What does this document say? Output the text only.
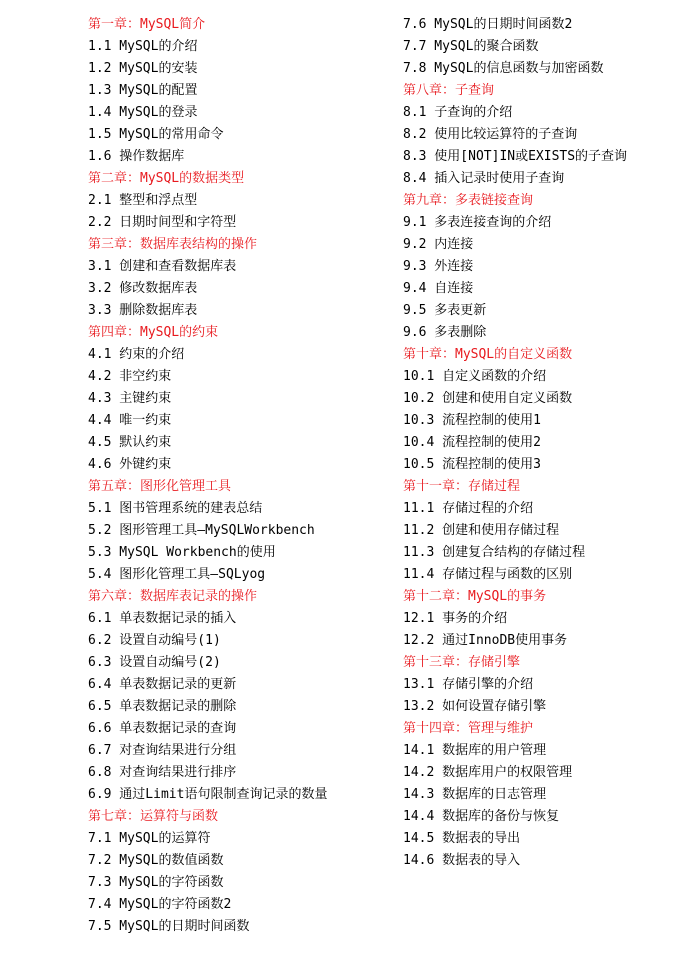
第一章：MySQL简介
1.1 MySQL的介绍
1.2 MySQL的安装
1.3 MySQL的配置
1.4 MySQL的登录
1.5 MySQL的常用命令
1.6 操作数据库
第二章：MySQL的数据类型
2.1 整型和浮点型
2.2 日期时间型和字符型
第三章：数据库表结构的操作
3.1 创建和查看数据库表
3.2 修改数据库表
3.3 删除数据库表
第四章：MySQL的约束
4.1 约束的介绍
4.2 非空约束
4.3 主键约束
4.4 唯一约束
4.5 默认约束
4.6 外键约束
第五章：图形化管理工具
5.1 图书管理系统的建表总结
5.2 图形管理工具—MySQLWorkbench
5.3 MySQL Workbench的使用
5.4 图形化管理工具—SQLyog
第六章：数据库表记录的操作
6.1 单表数据记录的插入
6.2 设置自动编号(1)
6.3 设置自动编号(2)
6.4 单表数据记录的更新
6.5 单表数据记录的删除
6.6 单表数据记录的查询
6.7 对查询结果进行分组
6.8 对查询结果进行排序
6.9 通过Limit语句限制查询记录的数量
第七章：运算符与函数
7.1 MySQL的运算符
7.2 MySQL的数值函数
7.3 MySQL的字符函数
7.4 MySQL的字符函数2
7.5 MySQL的日期时间函数
7.6 MySQL的日期时间函数2
7.7 MySQL的聚合函数
7.8 MySQL的信息函数与加密函数
第八章：子查询
8.1 子查询的介绍
8.2 使用比较运算符的子查询
8.3 使用[NOT]IN或EXISTS的子查询
8.4 插入记录时使用子查询
第九章：多表链接查询
9.1 多表连接查询的介绍
9.2 内连接
9.3 外连接
9.4 自连接
9.5 多表更新
9.6 多表删除
第十章：MySQL的自定义函数
10.1 自定义函数的介绍
10.2 创建和使用自定义函数
10.3 流程控制的使用1
10.4 流程控制的使用2
10.5 流程控制的使用3
第十一章：存储过程
11.1 存储过程的介绍
11.2 创建和使用存储过程
11.3 创建复合结构的存储过程
11.4 存储过程与函数的区别
第十二章：MySQL的事务
12.1 事务的介绍
12.2 通过InnoDB使用事务
第十三章：存储引擎
13.1 存储引擎的介绍
13.2 如何设置存储引擎
第十四章：管理与维护
14.1 数据库的用户管理
14.2 数据库用户的权限管理
14.3 数据库的日志管理
14.4 数据库的备份与恢复
14.5 数据表的导出
14.6 数据表的导入
